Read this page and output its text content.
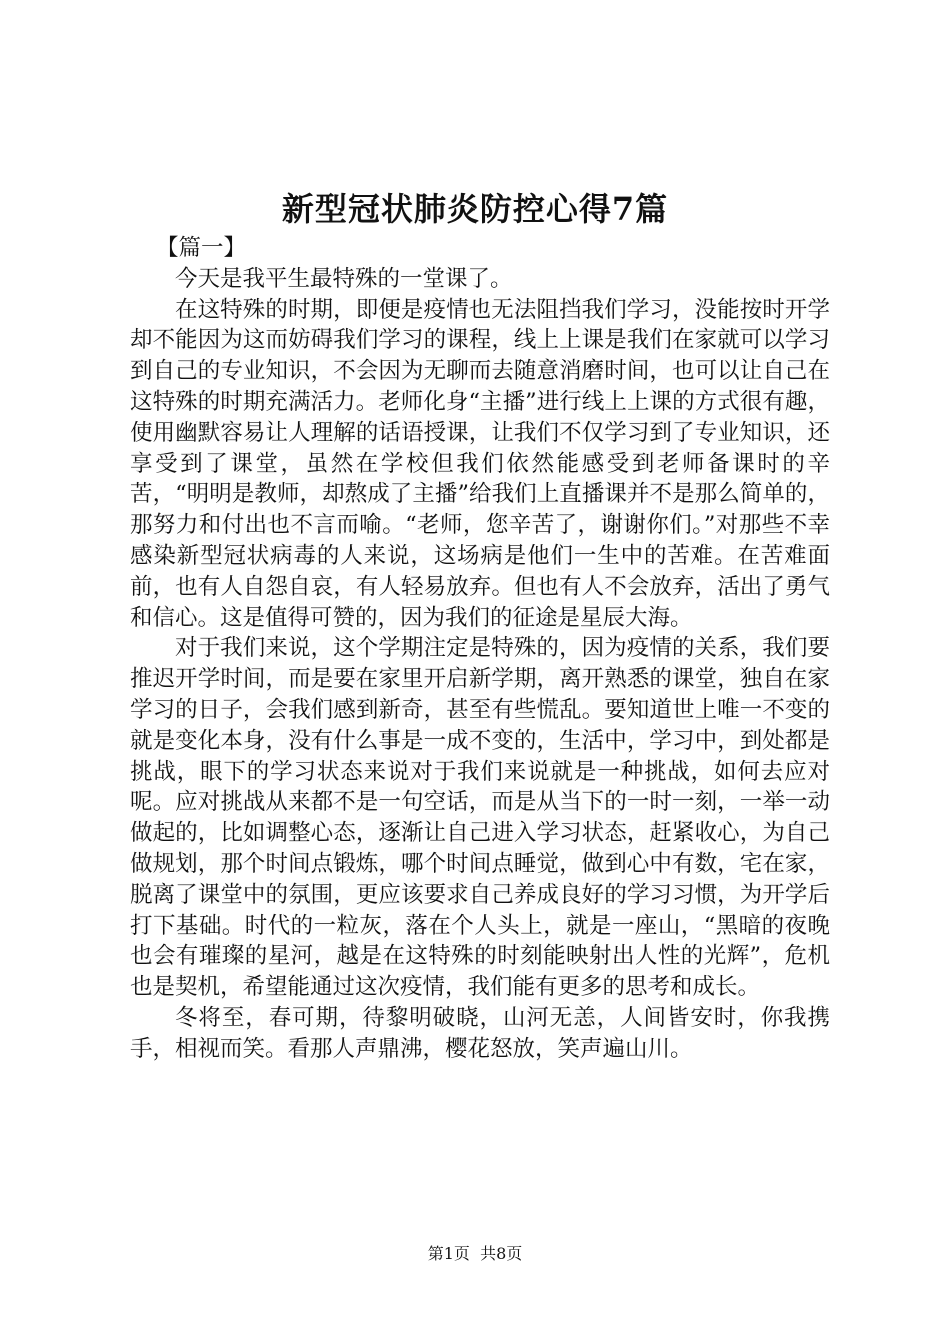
新型冠状肺炎防控心得7篇

【篇一】

今天是我平生最特殊的一堂课了。

在这特殊的时期，即便是疫情也无法阻挡我们学习，没能按时开学却不能因为这而妨碍我们学习的课程，线上上课是我们在家就可以学习到自己的专业知识，不会因为无聊而去随意消磨时间，也可以让自己在这特殊的时期充满活力。老师化身“主播”进行线上上课的方式很有趣，使用幽默容易让人理解的话语授课，让我们不仅学习到了专业知识，还享受到了课堂，虽然在学校但我们依然能感受到老师备课时的辛苦，“明明是教师，却熬成了主播”给我们上直播课并不是那么简单的，那努力和付出也不言而喻。“老师，您辛苦了，谢谢你们。”对那些不幸感染新型冠状病毒的人来说，这场病是他们一生中的苦难。在苦难面前，也有人自怨自哀，有人轻易放弃。但也有人不会放弃，活出了勇气和信心。这是值得可赞的，因为我们的征途是星辰大海。

对于我们来说，这个学期注定是特殊的，因为疫情的关系，我们要推迟开学时间，而是要在家里开启新学期，离开熟悉的课堂，独自在家学习的日子，会我们感到新奇，甚至有些慌乱。要知道世上唯一不变的就是变化本身，没有什么事是一成不变的，生活中，学习中，到处都是挑战，眼下的学习状态来说对于我们来说就是一种挑战，如何去应对呢。应对挑战从来都不是一句空话，而是从当下的一时一刻，一举一动做起的，比如调整心态，逐渐让自己进入学习状态，赶紧收心，为自己做规划，那个时间点锻炼，哪个时间点睡觉，做到心中有数，宅在家，脱离了课堂中的氛围，更应该要求自己养成良好的学习习惯，为开学后打下基础。时代的一粒灰，落在个人头上，就是一座山，“黑暗的夜晚也会有璀璨的星河，越是在这特殊的时刻能映射出人性的光辉”，危机也是契机，希望能通过这次疫情，我们能有更多的思考和成长。

冬将至，春可期，待黎明破晓，山河无恙，人间皆安时，你我携手，相视而笑。看那人声鼎沸，樱花怒放，笑声遍山川。

第1页  共8页
